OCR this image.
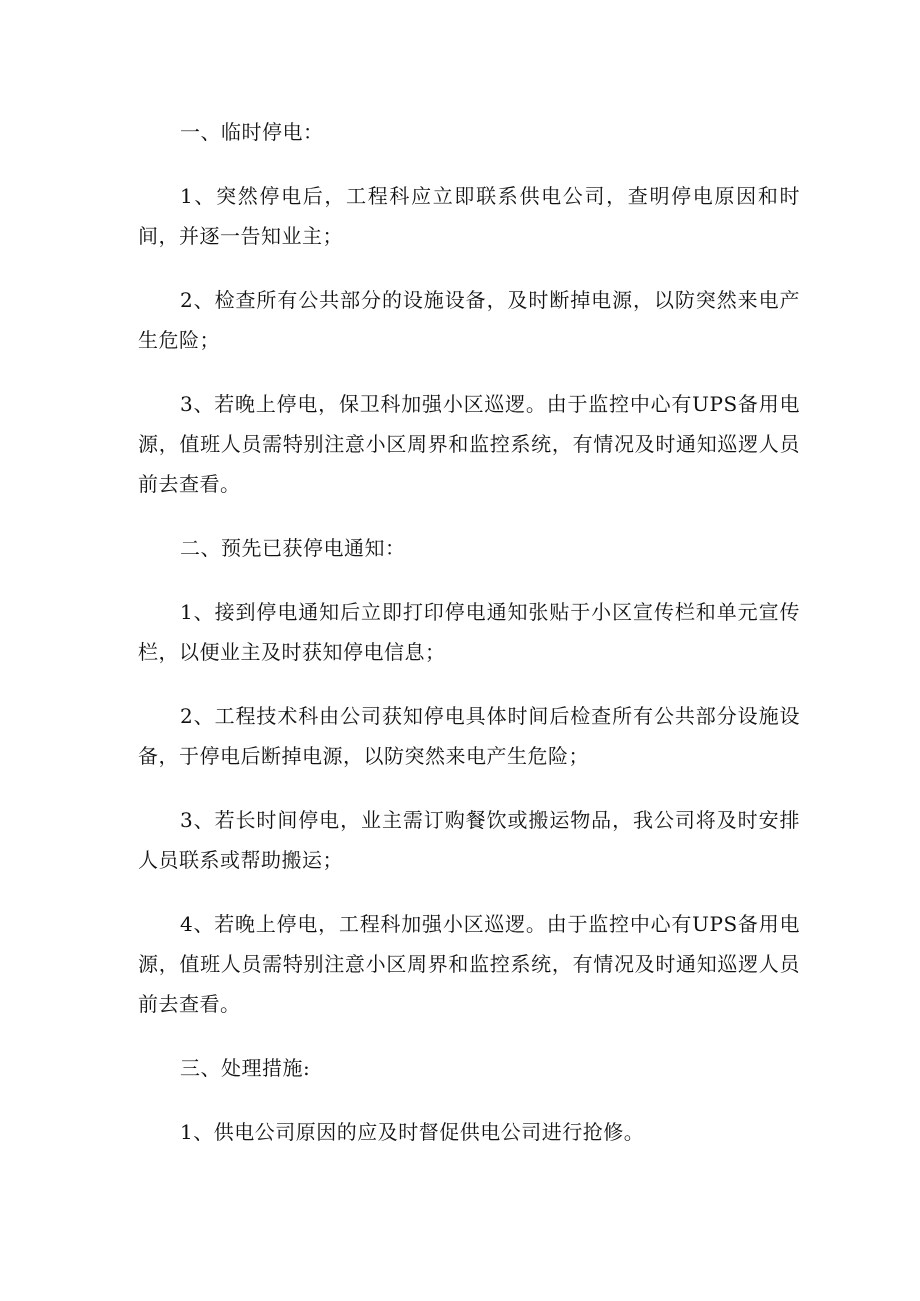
一、临时停电：

1、突然停电后，工程科应立即联系供电公司，查明停电原因和时间，并逐一告知业主；

2、检查所有公共部分的设施设备，及时断掉电源，以防突然来电产生危险；

3、若晚上停电，保卫科加强小区巡逻。由于监控中心有UPS备用电源，值班人员需特别注意小区周界和监控系统，有情况及时通知巡逻人员前去查看。

二、预先已获停电通知：

1、接到停电通知后立即打印停电通知张贴于小区宣传栏和单元宣传栏，以便业主及时获知停电信息；

2、工程技术科由公司获知停电具体时间后检查所有公共部分设施设备，于停电后断掉电源，以防突然来电产生危险；

3、若长时间停电，业主需订购餐饮或搬运物品，我公司将及时安排人员联系或帮助搬运；

4、若晚上停电，工程科加强小区巡逻。由于监控中心有UPS备用电源，值班人员需特别注意小区周界和监控系统，有情况及时通知巡逻人员前去查看。

三、处理措施:

1、供电公司原因的应及时督促供电公司进行抢修。
